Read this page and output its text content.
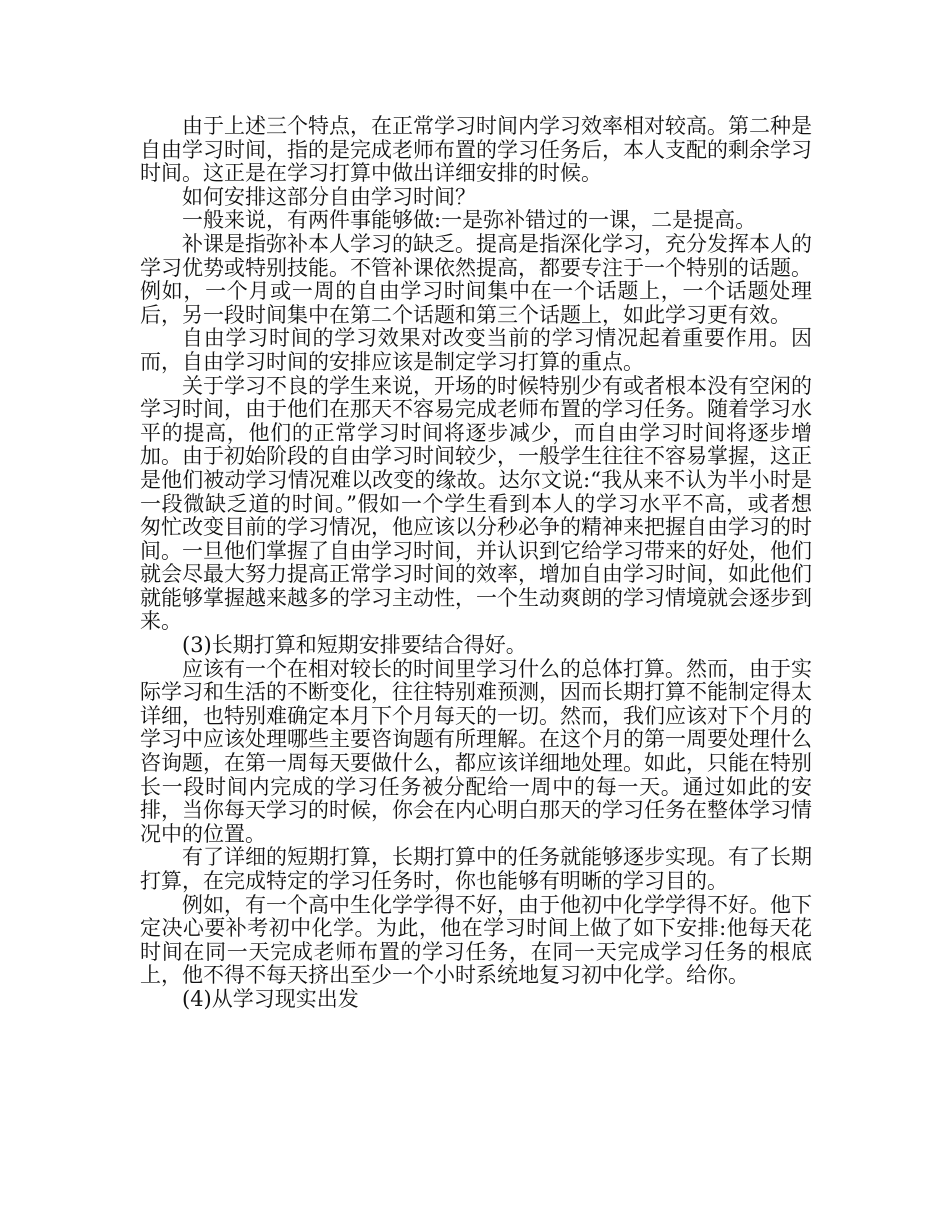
由于上述三个特点，在正常学习时间内学习效率相对较高。第二种是自由学习时间，指的是完成老师布置的学习任务后，本人支配的剩余学习时间。这正是在学习打算中做出详细安排的时候。

如何安排这部分自由学习时间？

一般来说，有两件事能够做:一是弥补错过的一课，二是提高。

补课是指弥补本人学习的缺乏。提高是指深化学习，充分发挥本人的学习优势或特别技能。不管补课依然提高，都要专注于一个特别的话题。例如，一个月或一周的自由学习时间集中在一个话题上，一个话题处理后，另一段时间集中在第二个话题和第三个话题上，如此学习更有效。

自由学习时间的学习效果对改变当前的学习情况起着重要作用。因而，自由学习时间的安排应该是制定学习打算的重点。

关于学习不良的学生来说，开场的时候特别少有或者根本没有空闲的学习时间，由于他们在那天不容易完成老师布置的学习任务。随着学习水平的提高，他们的正常学习时间将逐步减少，而自由学习时间将逐步增加。由于初始阶段的自由学习时间较少，一般学生往往不容易掌握，这正是他们被动学习情况难以改变的缘故。达尔文说:“我从来不认为半小时是一段微缺乏道的时间。”假如一个学生看到本人的学习水平不高，或者想匆忙改变目前的学习情况，他应该以分秒必争的精神来把握自由学习的时间。一旦他们掌握了自由学习时间，并认识到它给学习带来的好处，他们就会尽最大努力提高正常学习时间的效率，增加自由学习时间，如此他们就能够掌握越来越多的学习主动性，一个生动爽朗的学习情境就会逐步到来。

(3)长期打算和短期安排要结合得好。

应该有一个在相对较长的时间里学习什么的总体打算。然而，由于实际学习和生活的不断变化，往往特别难预测，因而长期打算不能制定得太详细，也特别难确定本月下个月每天的一切。然而，我们应该对下个月的学习中应该处理哪些主要咨询题有所理解。在这个月的第一周要处理什么咨询题，在第一周每天要做什么，都应该详细地处理。如此，只能在特别长一段时间内完成的学习任务被分配给一周中的每一天。通过如此的安排，当你每天学习的时候，你会在内心明白那天的学习任务在整体学习情况中的位置。

有了详细的短期打算，长期打算中的任务就能够逐步实现。有了长期打算，在完成特定的学习任务时，你也能够有明晰的学习目的。

例如，有一个高中生化学学得不好，由于他初中化学学得不好。他下定决心要补考初中化学。为此，他在学习时间上做了如下安排:他每天花时间在同一天完成老师布置的学习任务，在同一天完成学习任务的根底上，他不得不每天挤出至少一个小时系统地复习初中化学。给你。

(4)从学习现实出发
